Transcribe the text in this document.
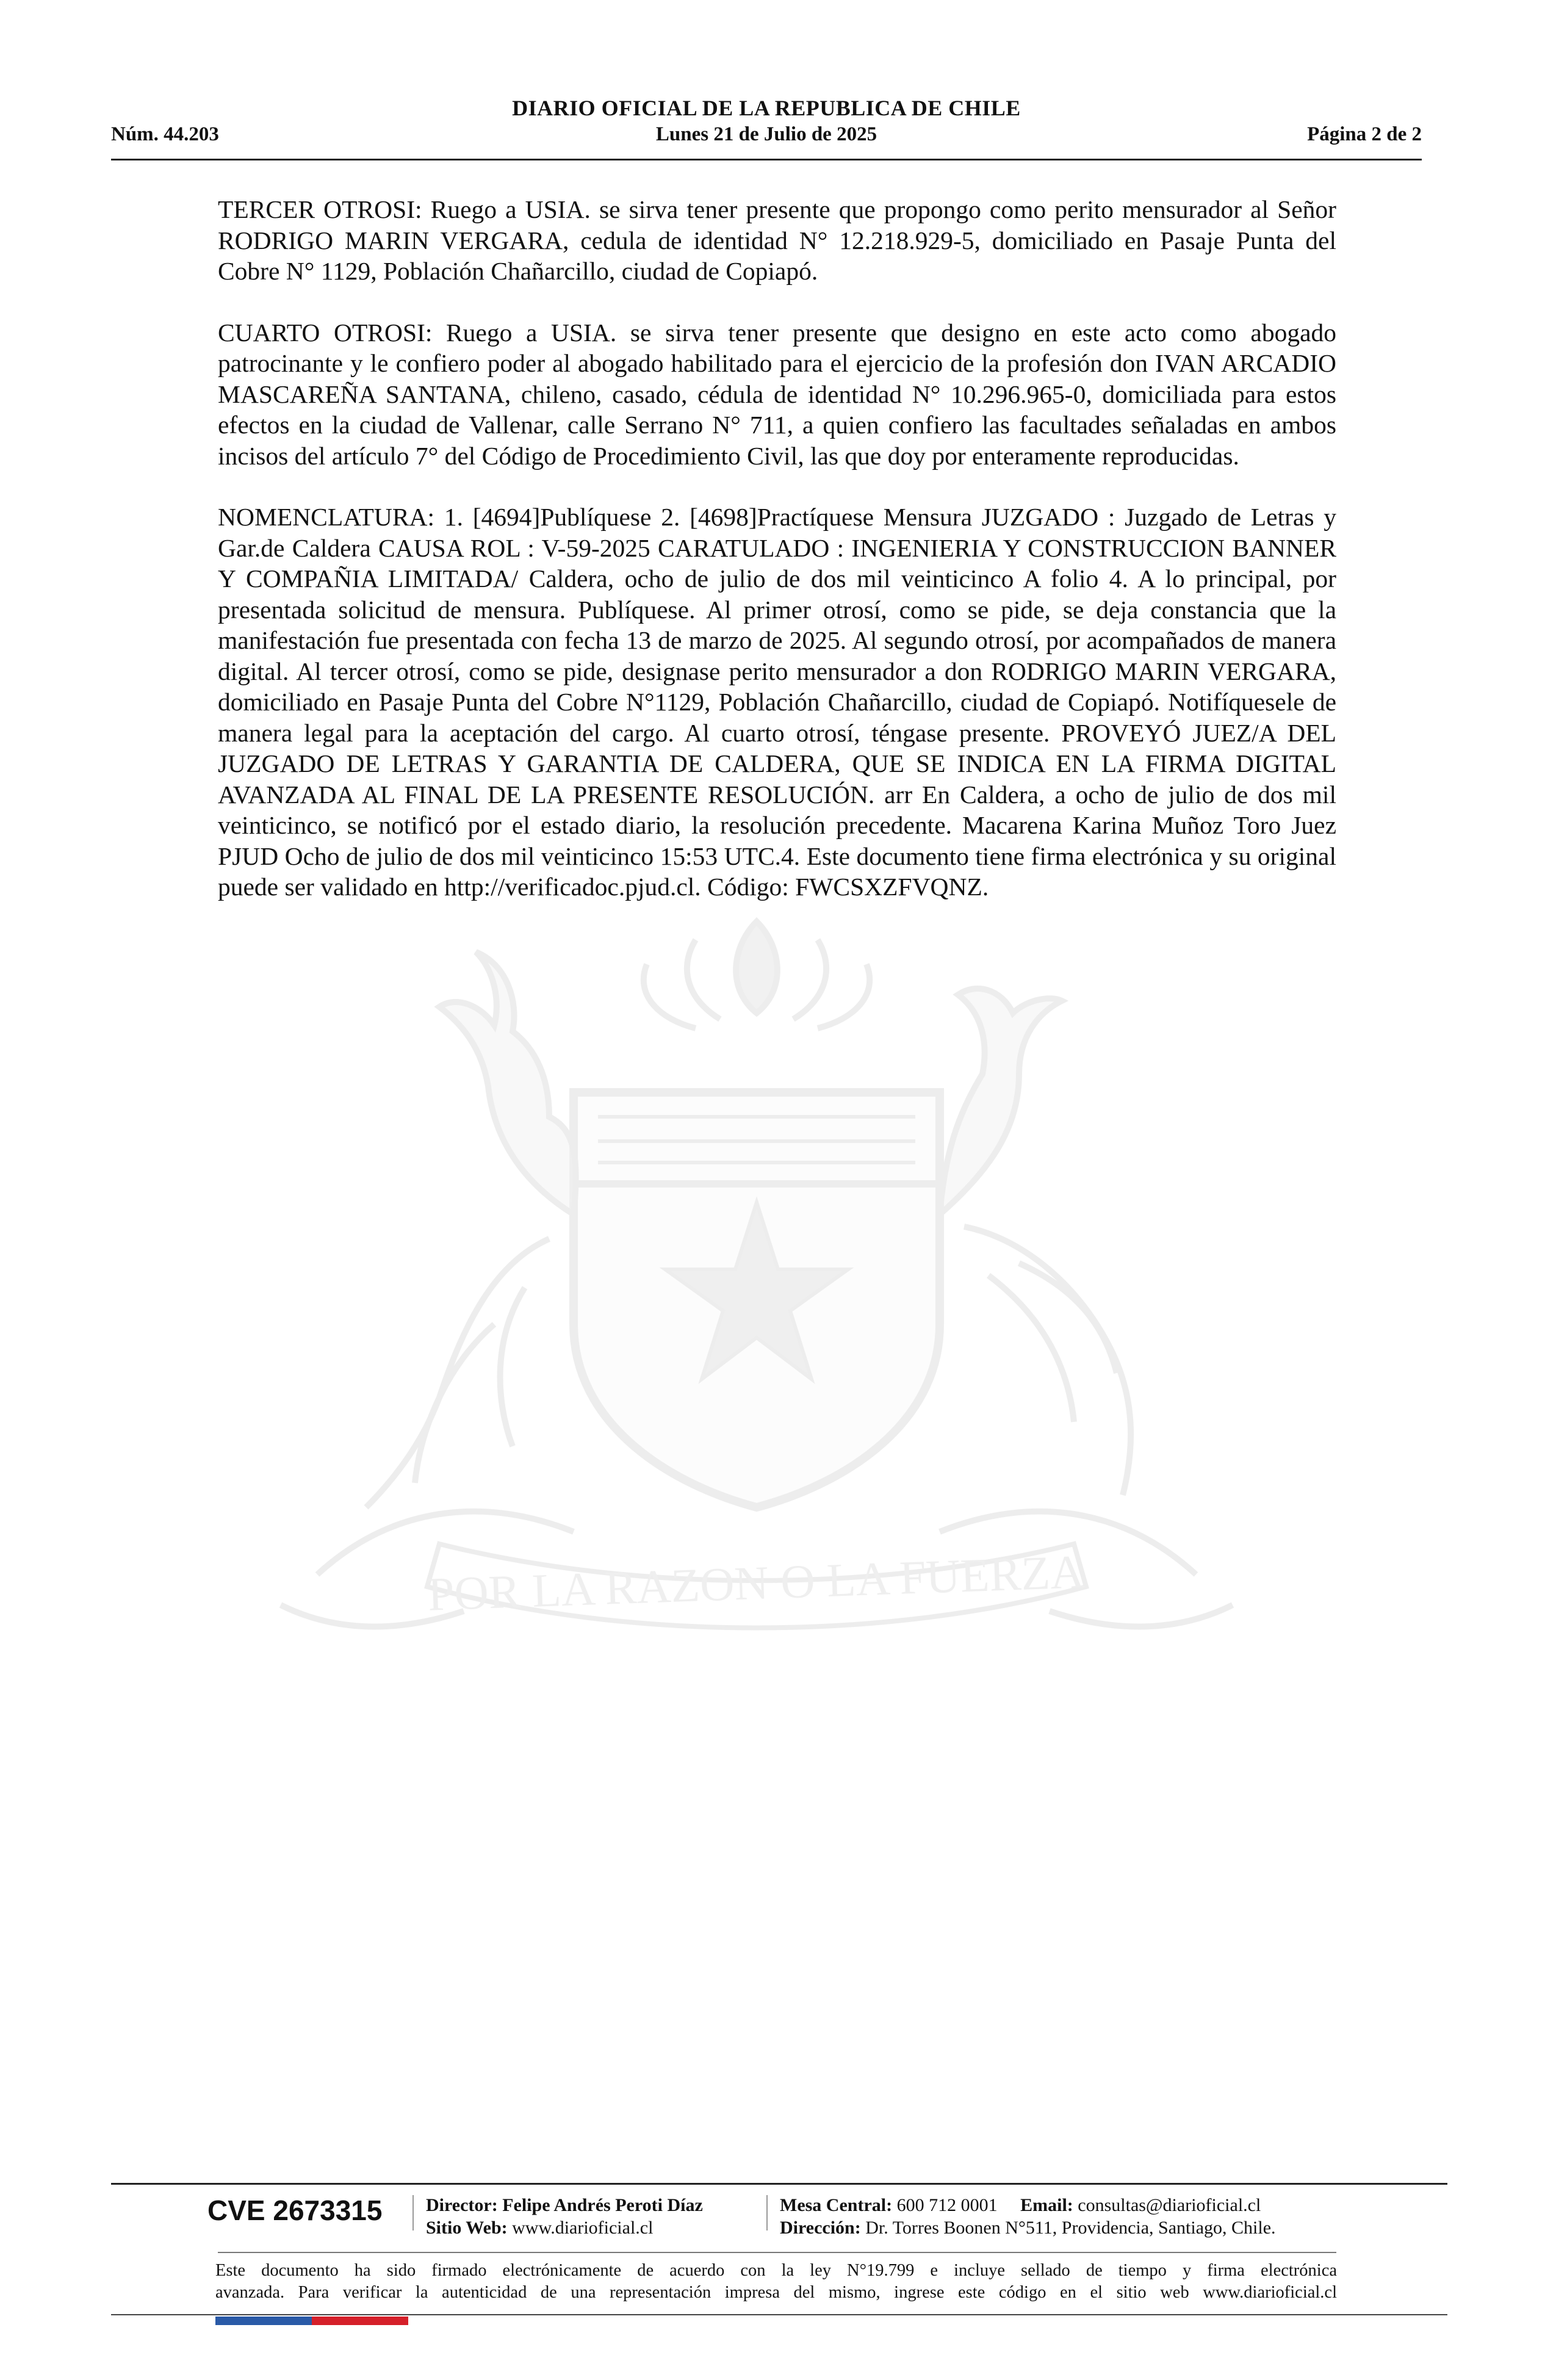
DIARIO OFICIAL DE LA REPUBLICA DE CHILE
Núm. 44.203	Lunes 21 de Julio de 2025	Página 2 de 2
POR LA RAZON O LA FUERZA

TERCER OTROSI: Ruego a USIA. se sirva tener presente que propongo como perito mensurador al Señor RODRIGO MARIN VERGARA, cedula de identidad N° 12.218.929-5, domiciliado en Pasaje Punta del Cobre N° 1129, Población Chañarcillo, ciudad de Copiapó.

CUARTO OTROSI: Ruego a USIA. se sirva tener presente que designo en este acto como abogado patrocinante y le confiero poder al abogado habilitado para el ejercicio de la profesión don IVAN ARCADIO MASCAREÑA SANTANA, chileno, casado, cédula de identidad N° 10.296.965-0, domiciliada para estos efectos en la ciudad de Vallenar, calle Serrano N° 711, a quien confiero las facultades señaladas en ambos incisos del artículo 7° del Código de Procedimiento Civil, las que doy por enteramente reproducidas.

NOMENCLATURA: 1. [4694]Publíquese 2. [4698]Practíquese Mensura JUZGADO : Juzgado de Letras y Gar.de Caldera CAUSA ROL : V-59-2025 CARATULADO : INGENIERIA Y CONSTRUCCION BANNER Y COMPAÑIA LIMITADA/ Caldera, ocho de julio de dos mil veinticinco A folio 4. A lo principal, por presentada solicitud de mensura. Publíquese. Al primer otrosí, como se pide, se deja constancia que la manifestación fue presentada con fecha 13 de marzo de 2025. Al segundo otrosí, por acompañados de manera digital. Al tercer otrosí, como se pide, designase perito mensurador a don RODRIGO MARIN VERGARA, domiciliado en Pasaje Punta del Cobre N°1129, Población Chañarcillo, ciudad de Copiapó. Notifíquesele de manera legal para la aceptación del cargo. Al cuarto otrosí, téngase presente. PROVEYÓ JUEZ/A DEL JUZGADO DE LETRAS Y GARANTIA DE CALDERA, QUE SE INDICA EN LA FIRMA DIGITAL AVANZADA AL FINAL DE LA PRESENTE RESOLUCIÓN. arr En Caldera, a ocho de julio de dos mil veinticinco, se notificó por el estado diario, la resolución precedente. Macarena Karina Muñoz Toro Juez PJUD Ocho de julio de dos mil veinticinco 15:53 UTC.4. Este documento tiene firma electrónica y su original puede ser validado en http://verificadoc.pjud.cl. Código: FWCSXZFVQNZ.

CVE 2673315	Director: Felipe Andrés Peroti Díaz
Sitio Web: www.diarioficial.cl
Mesa Central: 600 712 0001 Email: consultas@diarioficial.cl
Dirección: Dr. Torres Boonen N°511, Providencia, Santiago, Chile.
Este documento ha sido firmado electrónicamente de acuerdo con la ley N°19.799 e incluye sellado de tiempo y firma electrónica
avanzada. Para verificar la autenticidad de una representación impresa del mismo, ingrese este código en el sitio web www.diarioficial.cl
